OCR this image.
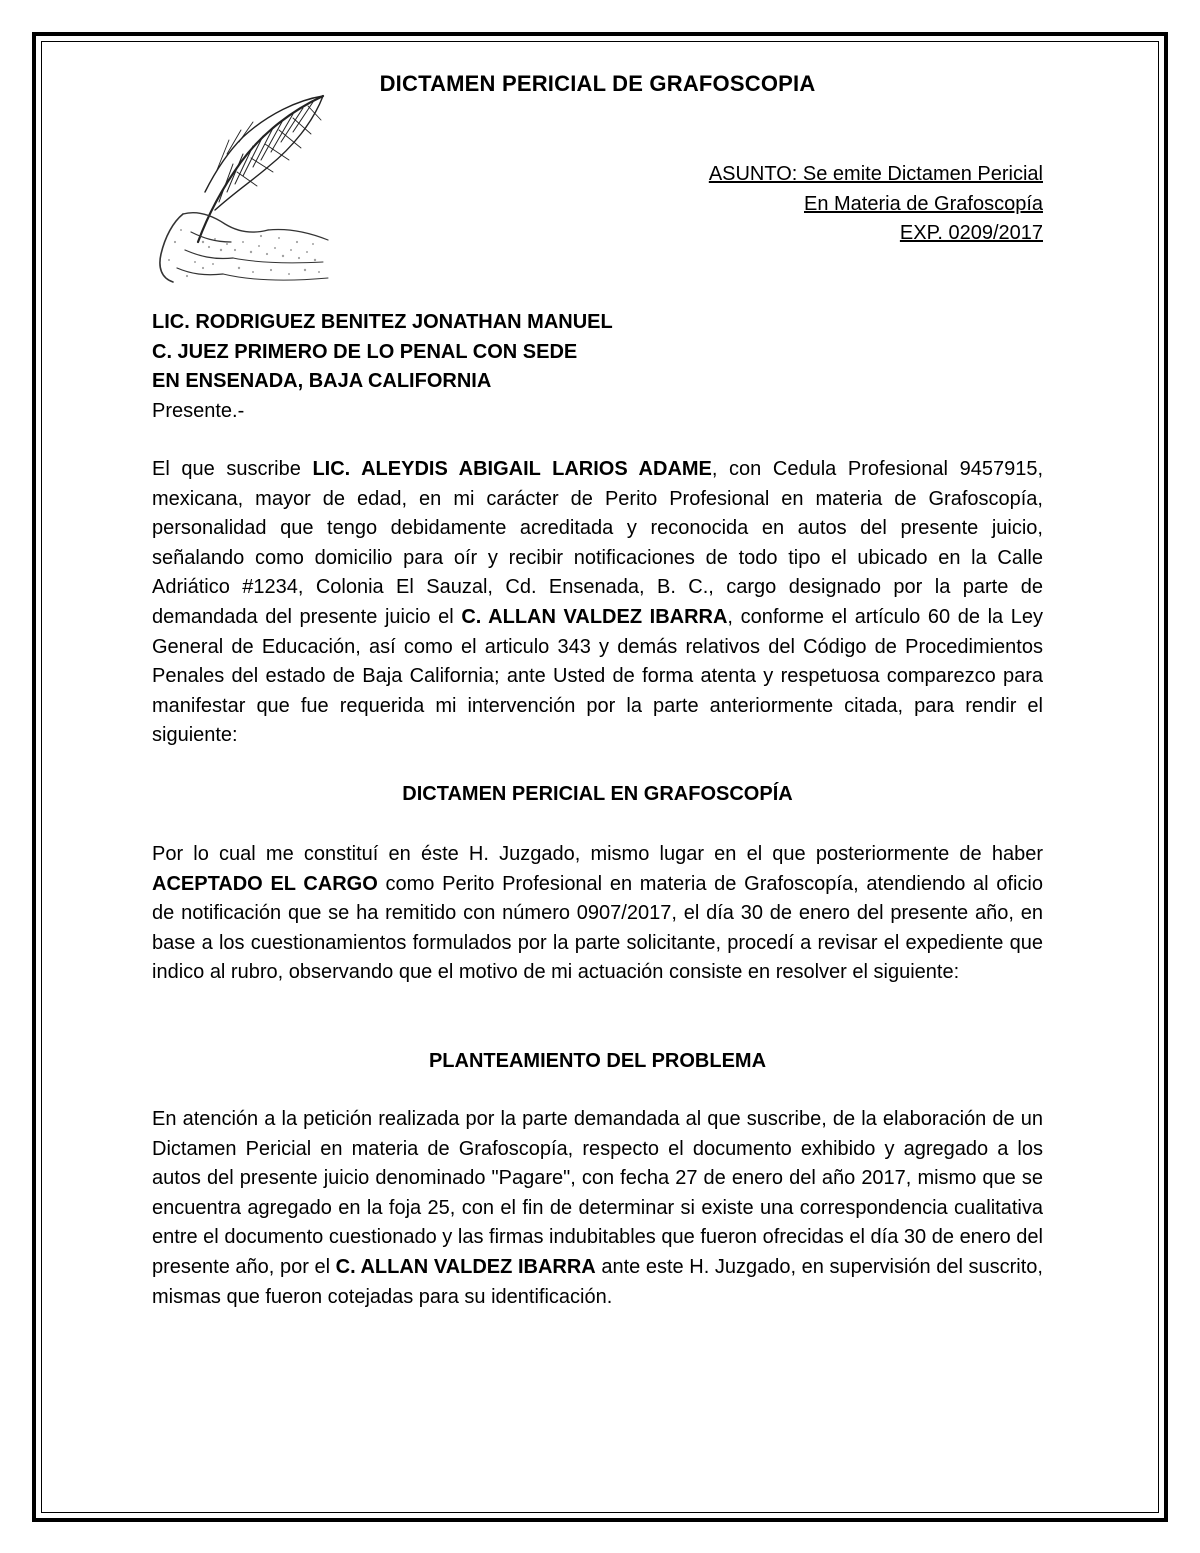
DICTAMEN PERICIAL DE GRAFOSCOPIA
ASUNTO: Se emite Dictamen Pericial
En Materia de Grafoscopía
EXP. 0209/2017
LIC. RODRIGUEZ BENITEZ JONATHAN MANUEL
C. JUEZ PRIMERO DE LO PENAL CON SEDE
EN ENSENADA, BAJA CALIFORNIA
Presente.-
El que suscribe LIC. ALEYDIS ABIGAIL LARIOS ADAME, con Cedula Profesional 9457915, mexicana, mayor de edad, en mi carácter de Perito Profesional en materia de Grafoscopía, personalidad que tengo debidamente acreditada y reconocida en autos del presente juicio, señalando como domicilio para oír y recibir notificaciones de todo tipo el ubicado en la Calle Adriático #1234, Colonia El Sauzal, Cd. Ensenada, B. C., cargo designado por la parte de demandada del presente juicio el C. ALLAN VALDEZ IBARRA, conforme el artículo 60 de la Ley General de Educación, así como el articulo 343 y demás relativos del Código de Procedimientos Penales del estado de Baja California; ante Usted de forma atenta y respetuosa comparezco para manifestar que fue requerida mi intervención por la parte anteriormente citada, para rendir el siguiente:
DICTAMEN PERICIAL EN GRAFOSCOPÍA
Por lo cual me constituí en éste H. Juzgado, mismo lugar en el que posteriormente de haber ACEPTADO EL CARGO como Perito Profesional en materia de Grafoscopía, atendiendo al oficio de notificación que se ha remitido con número 0907/2017, el día 30 de enero del presente año, en base a los cuestionamientos formulados por la parte solicitante, procedí a revisar el expediente que indico al rubro, observando que el motivo de mi actuación consiste en resolver el siguiente:
PLANTEAMIENTO DEL PROBLEMA
En atención a la petición realizada por la parte demandada al que suscribe, de la elaboración de un Dictamen Pericial en materia de Grafoscopía, respecto el documento exhibido y agregado a los autos del presente juicio denominado "Pagare", con fecha 27 de enero del año 2017, mismo que se encuentra agregado en la foja 25, con el fin de determinar si existe una correspondencia cualitativa entre el documento cuestionado y las firmas indubitables que fueron ofrecidas el día 30 de enero del presente año, por el C. ALLAN VALDEZ IBARRA ante este H. Juzgado, en supervisión del suscrito, mismas que fueron cotejadas para su identificación.
